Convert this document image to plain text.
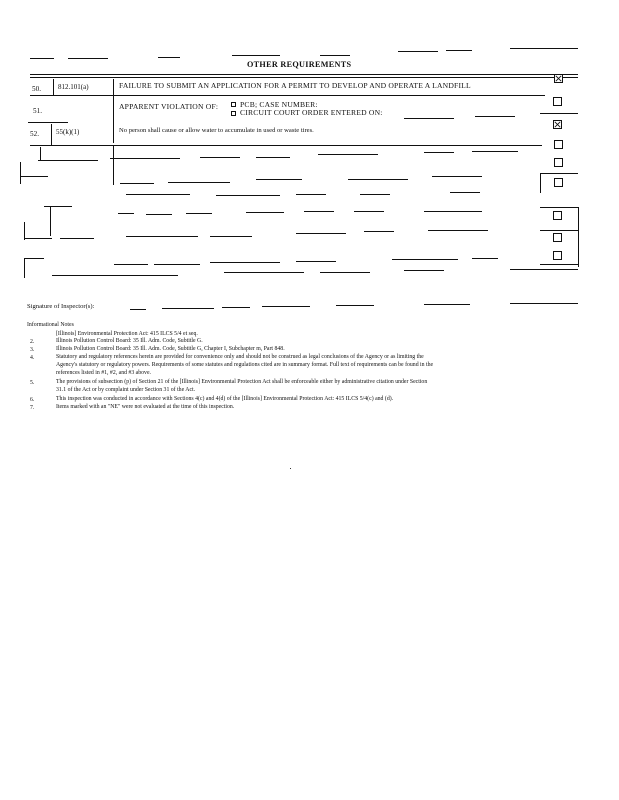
OTHER REQUIREMENTS
50. 812.101(a)	FAILURE TO SUBMIT AN APPLICATION FOR A PERMIT TO DEVELOP AND OPERATE A LANDFILL
51.	APPARENT VIOLATION OF:	PCB; CASE NUMBER:
CIRCUIT COURT ORDER ENTERED ON:
52. 55(k)(1)	No person shall cause or allow water to accumulate in used or waste tires.
Signature of Inspector(s):
Informational Notes
[Illinois] Environmental Protection Act: 415 ILCS 5/4 et seq.
2.	Illinois Pollution Control Board: 35 Ill. Adm. Code, Subtitle G.
3.	Illinois Pollution Control Board: 35 Ill. Adm. Code, Subtitle G, Chapter I, Subchapter m, Part 848.
4.	Statutory and regulatory references herein are provided for convenience only and should not be construed as legal conclusions of the Agency or as limiting the
Agency's statutory or regulatory powers. Requirements of some statutes and regulations cited are in summary format. Full text of requirements can be found in the
references listed in #1, #2, and #3 above.
5.	The provisions of subsection (p) of Section 21 of the [Illinois] Environmental Protection Act shall be enforceable either by administrative citation under Section
31.1 of the Act or by complaint under Section 31 of the Act.
6.	This inspection was conducted in accordance with Sections 4(c) and 4(d) of the [Illinois] Environmental Protection Act: 415 ILCS 5/4(c) and (d).
7.	Items marked with an "NE" were not evaluated at the time of this inspection.
